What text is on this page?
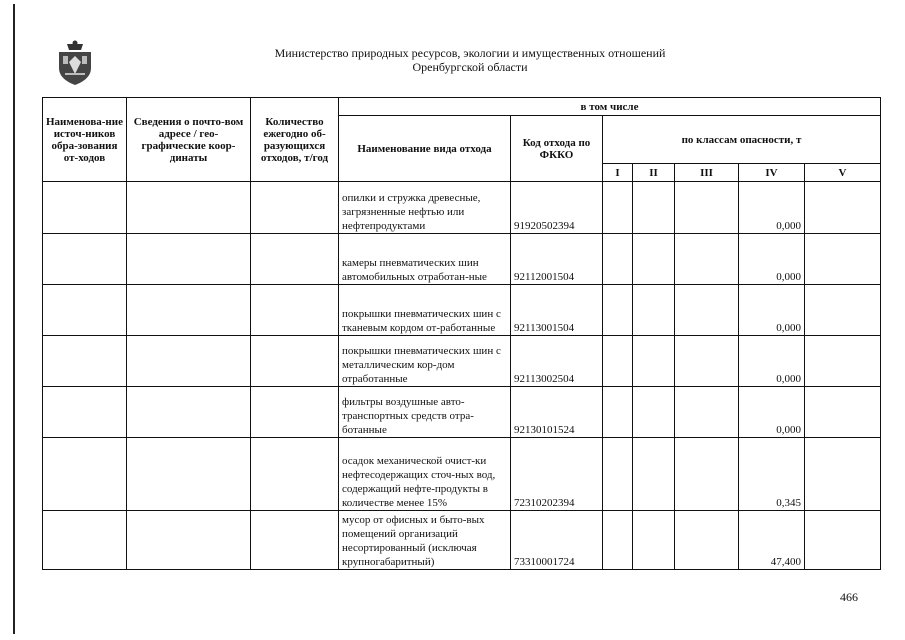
Министерство природных ресурсов, экологии и имущественных отношений
Оренбургской области
Наименова-ние источ-ников обра-зования от-ходов	Сведения о почто-вом адресе / гео-графические коор-динаты	Количество ежегодно об-разующихся отходов, т/год	в том числе						
			Наименование вида отхода	Код отхода по ФККО	по классам опасности, т				
					I	II	III	IV	V
			опилки и стружка древесные, загрязненные нефтью или нефтепродуктами	91920502394				0,000	
			камеры пневматических шин автомобильных отработан-ные	92112001504				0,000	
			покрышки пневматических шин с тканевым кордом от-работанные	92113001504				0,000	
			покрышки пневматических шин с металлическим кор-дом отработанные	92113002504				0,000	
			фильтры воздушные авто-транспортных средств отра-ботанные	92130101524				0,000	
			осадок механической очист-ки нефтесодержащих сточ-ных вод, содержащий нефте-продукты в количестве менее 15%	72310202394				0,345	
			мусор от офисных и быто-вых помещений организаций несортированный (исключая крупногабаритный)	73310001724				47,400	
466
